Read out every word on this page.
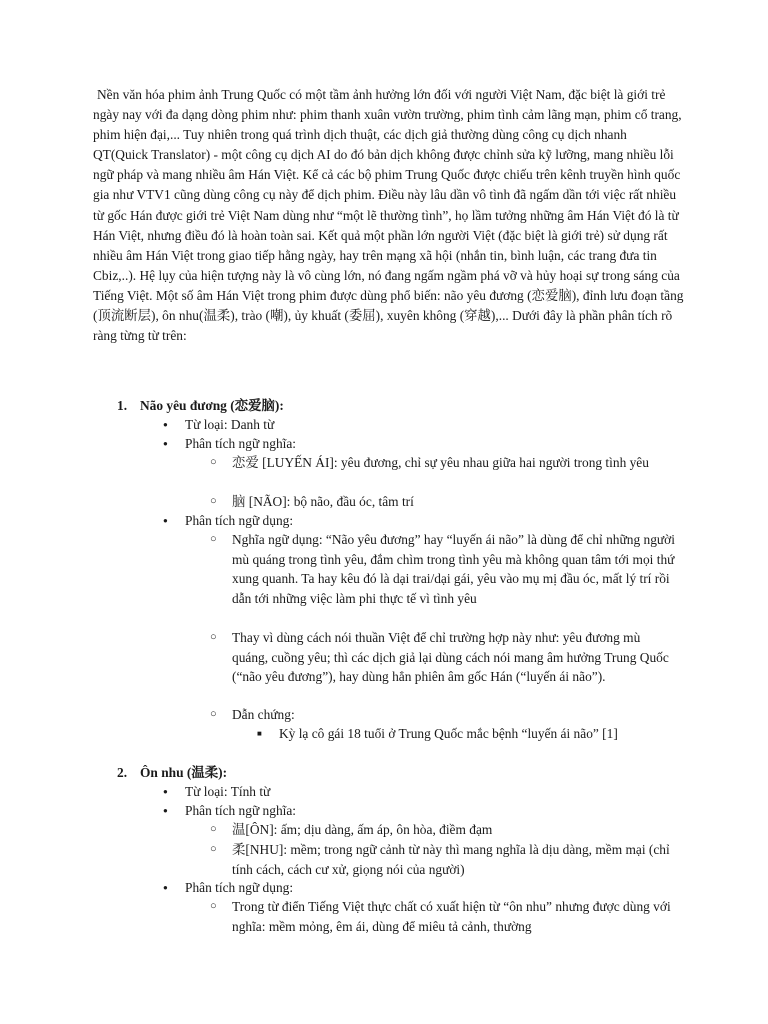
Nền văn hóa phim ảnh Trung Quốc có một tầm ảnh hưởng lớn đối với người Việt Nam, đặc biệt là giới trẻ ngày nay với đa dạng dòng phim như: phim thanh xuân vườn trường, phim tình cảm lãng mạn, phim cổ trang, phim hiện đại,... Tuy nhiên trong quá trình dịch thuật, các dịch giả thường dùng công cụ dịch nhanh QT(Quick Translator) - một công cụ dịch AI do đó bản dịch không được chỉnh sửa kỹ lưỡng, mang nhiều lỗi ngữ pháp và mang nhiều âm Hán Việt. Kể cả các bộ phim Trung Quốc được chiếu trên kênh truyền hình quốc gia như VTV1 cũng dùng công cụ này để dịch phim. Điều này lâu dần vô tình đã ngấm dần tới việc rất nhiều từ gốc Hán được giới trẻ Việt Nam dùng như “một lẽ thường tình”, họ lầm tưởng những âm Hán Việt đó là từ Hán Việt, nhưng điều đó là hoàn toàn sai. Kết quả một phần lớn người Việt (đặc biệt là giới trẻ) sử dụng rất nhiều âm Hán Việt trong giao tiếp hằng ngày, hay trên mạng xã hội (nhắn tin, bình luận, các trang đưa tin Cbiz,..). Hệ lụy của hiện tượng này là vô cùng lớn, nó đang ngấm ngầm phá vỡ và hủy hoại sự trong sáng của Tiếng Việt. Một số âm Hán Việt trong phim được dùng phổ biến: não yêu đương (恋爱脑), đỉnh lưu đoạn tầng (顶流断层), ôn nhu(温柔), trào (嘲), ủy khuất (委屈), xuyên không (穿越),... Dưới đây là phần phân tích rõ ràng từng từ trên:

1. Não yêu đương (恋爱脑):
● Từ loại: Danh từ
● Phân tích ngữ nghĩa:
○ 恋爱 [LUYẾN ÁI]: yêu đương, chỉ sự yêu nhau giữa hai người trong tình yêu
○ 脑 [NÃO]: bộ não, đầu óc, tâm trí
● Phân tích ngữ dụng:
○ Nghĩa ngữ dụng: “Não yêu đương” hay “luyến ái não” là dùng để chỉ những người mù quáng trong tình yêu, đắm chìm trong tình yêu mà không quan tâm tới mọi thứ xung quanh. Ta hay kêu đó là dại trai/dại gái, yêu vào mụ mị đầu óc, mất lý trí rồi dẫn tới những việc làm phi thực tế vì tình yêu
○ Thay vì dùng cách nói thuần Việt để chỉ trường hợp này như: yêu đương mù quáng, cuồng yêu; thì các dịch giả lại dùng cách nói mang âm hưởng Trung Quốc (“não yêu đương”), hay dùng hẳn phiên âm gốc Hán (“luyến ái não”).
○ Dẫn chứng:
■ Kỳ lạ cô gái 18 tuổi ở Trung Quốc mắc bệnh “luyến ái não” [1]
2. Ôn nhu (温柔):
● Từ loại: Tính từ
● Phân tích ngữ nghĩa:
○ 温[ÔN]: ấm; dịu dàng, ấm áp, ôn hòa, điềm đạm
○ 柔[NHU]: mềm; trong ngữ cảnh từ này thì mang nghĩa là dịu dàng, mềm mại (chỉ tính cách, cách cư xử, giọng nói của người)
● Phân tích ngữ dụng:
○ Trong từ điển Tiếng Việt thực chất có xuất hiện từ “ôn nhu” nhưng được dùng với nghĩa: mềm mỏng, êm ái, dùng để miêu tả cảnh, thường
